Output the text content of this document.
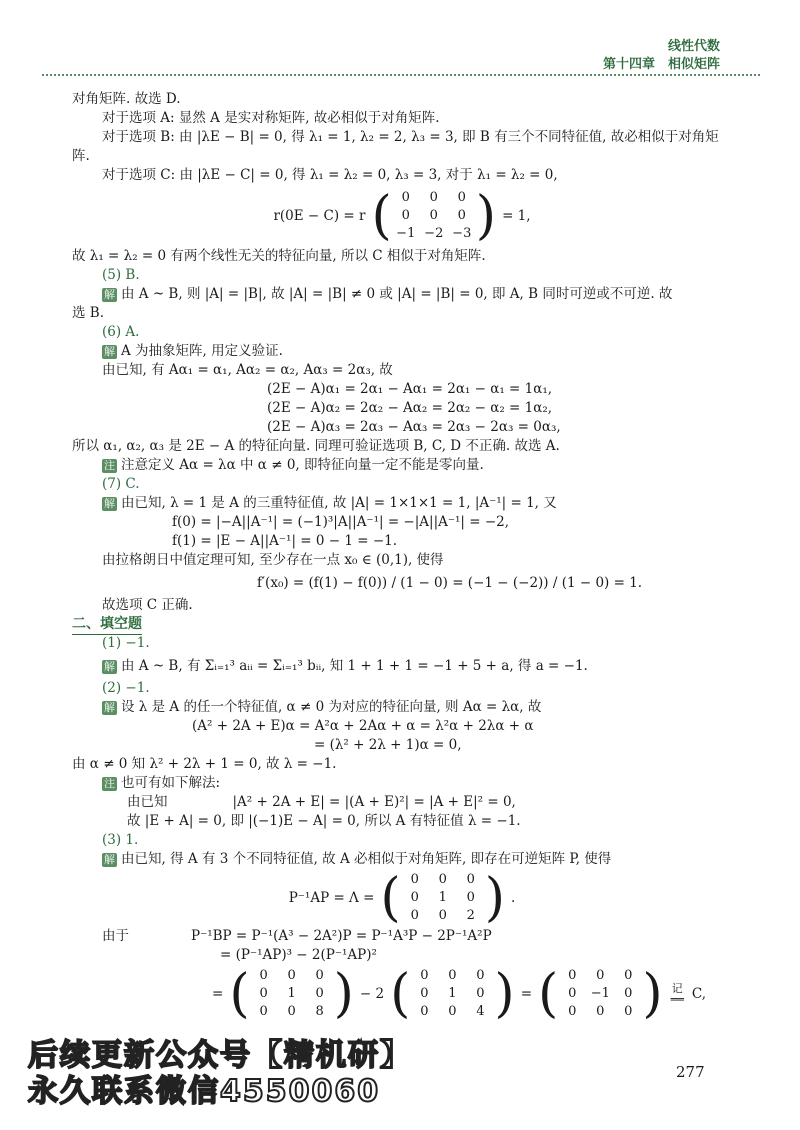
线性代数
第十四章　相似矩阵
对角矩阵. 故选 D.
对于选项 A: 显然 A 是实对称矩阵, 故必相似于对角矩阵.
对于选项 B: 由 |λE − B| = 0, 得 λ₁ = 1, λ₂ = 2, λ₃ = 3, 即 B 有三个不同特征值, 故必相似于对角矩
阵.
对于选项 C: 由 |λE − C| = 0, 得 λ₁ = λ₂ = 0, λ₃ = 3, 对于 λ₁ = λ₂ = 0,
r(0E − C) = r ( 0	0	0
0	0	0
−1 −2 −3 ) = 1,
故 λ₁ = λ₂ = 0 有两个线性无关的特征向量, 所以 C 相似于对角矩阵.
(5) B.
解 由 A ~ B, 则 |A| = |B|, 故 |A| = |B| ≠ 0 或 |A| = |B| = 0, 即 A, B 同时可逆或不可逆. 故
选 B.
(6) A.
解 A 为抽象矩阵, 用定义验证.
由已知, 有 Aα₁ = α₁, Aα₂ = α₂, Aα₃ = 2α₃, 故
(2E − A)α₁ = 2α₁ − Aα₁ = 2α₁ − α₁ = 1α₁,
(2E − A)α₂ = 2α₂ − Aα₂ = 2α₂ − α₂ = 1α₂,
(2E − A)α₃ = 2α₃ − Aα₃ = 2α₃ − 2α₃ = 0α₃,
所以 α₁, α₂, α₃ 是 2E − A 的特征向量. 同理可验证选项 B, C, D 不正确. 故选 A.
注 注意定义 Aα = λα 中 α ≠ 0, 即特征向量一定不能是零向量.
(7) C.
解 由已知, λ = 1 是 A 的三重特征值, 故 |A| = 1×1×1 = 1, |A⁻¹| = 1, 又
f(0) = |−A||A⁻¹| = (−1)³|A||A⁻¹| = −|A||A⁻¹| = −2,
f(1) = |E − A||A⁻¹| = 0 − 1 = −1.
由拉格朗日中值定理可知, 至少存在一点 x₀ ∈ (0,1), 使得
f′(x₀) = (f(1) − f(0)) / (1 − 0) = (−1 − (−2)) / (1 − 0) = 1.
故选项 C 正确.
二、填空题
(1) −1.
解 由 A ~ B, 有 Σᵢ₌₁³ aᵢᵢ = Σᵢ₌₁³ bᵢᵢ, 知 1 + 1 + 1 = −1 + 5 + a, 得 a = −1.
(2) −1.
解 设 λ 是 A 的任一个特征值, α ≠ 0 为对应的特征向量, 则 Aα = λα, 故
(A² + 2A + E)α = A²α + 2Aα + α = λ²α + 2λα + α
= (λ² + 2λ + 1)α = 0,
由 α ≠ 0 知 λ² + 2λ + 1 = 0, 故 λ = −1.
注 也可有如下解法:
由已知	|A² + 2A + E| = |(A + E)²| = |A + E|² = 0,
故 |E + A| = 0, 即 |(−1)E − A| = 0, 所以 A 有特征值 λ = −1.
(3) 1.
解 由已知, 得 A 有 3 个不同特征值, 故 A 必相似于对角矩阵, 即存在可逆矩阵 P, 使得
P⁻¹AP = Λ = ( 0	0	0
0	1	0
0	0	2 ) .
由于	P⁻¹BP = P⁻¹(A³ − 2A²)P = P⁻¹A³P − 2P⁻¹A²P
= (P⁻¹AP)³ − 2(P⁻¹AP)²
= ( 0	0	0
0	1	0
0	0	8 ) − 2 ( 0	0	0
0	1	0
0	0	4 ) = ( 0	0	0
0	−1	0
0	0	0 ) 记
══ C,
后续更新公众号【精机研】
永久联系微信4550060
277
